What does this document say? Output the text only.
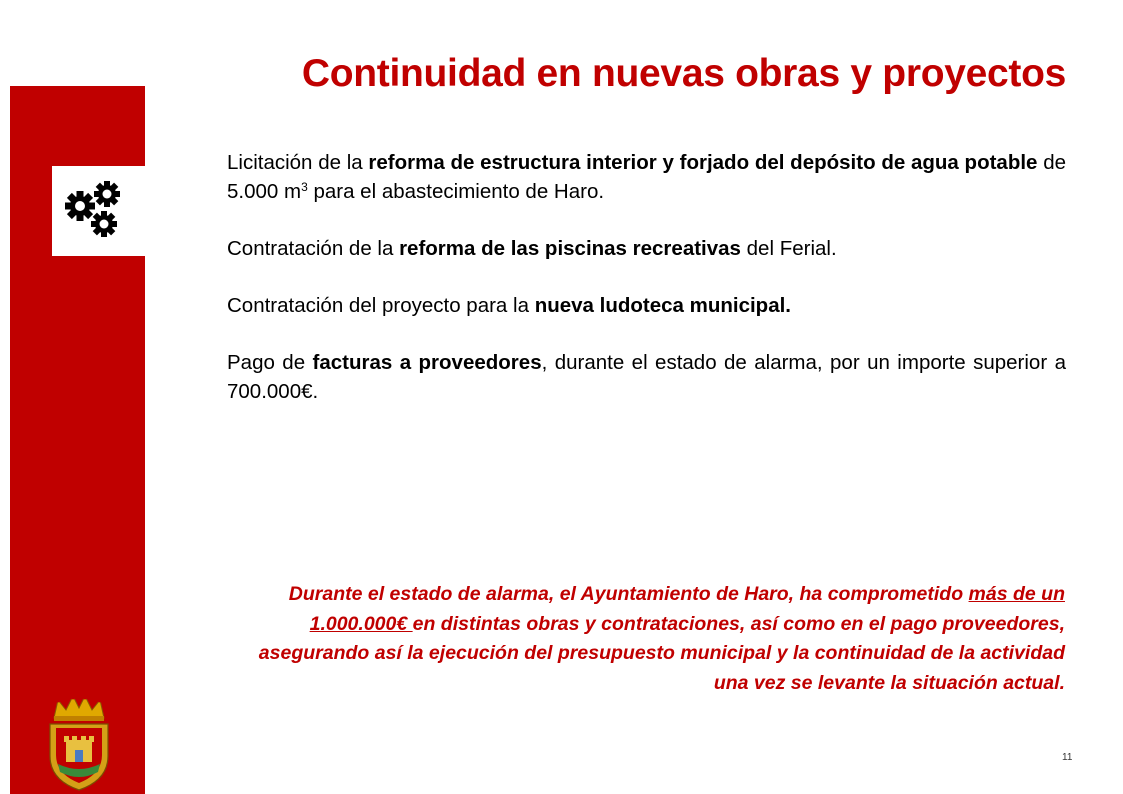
Continuidad en nuevas obras y proyectos

Licitación de la reforma de estructura interior y forjado del depósito de agua potable de 5.000 $m^3$ para el abastecimiento de Haro.

Contratación de la reforma de las piscinas recreativas del Ferial.

Contratación del proyecto para la nueva ludoteca municipal.

Pago de facturas a proveedores, durante el estado de alarma, por un importe superior a 700.000€.

Durante el estado de alarma, el Ayuntamiento de Haro, ha comprometido más de un 1.000.000€ en distintas obras y contrataciones, así como en el pago proveedores, asegurando así la ejecución del presupuesto municipal y la continuidad de la actividad una vez se levante la situación actual.
11
